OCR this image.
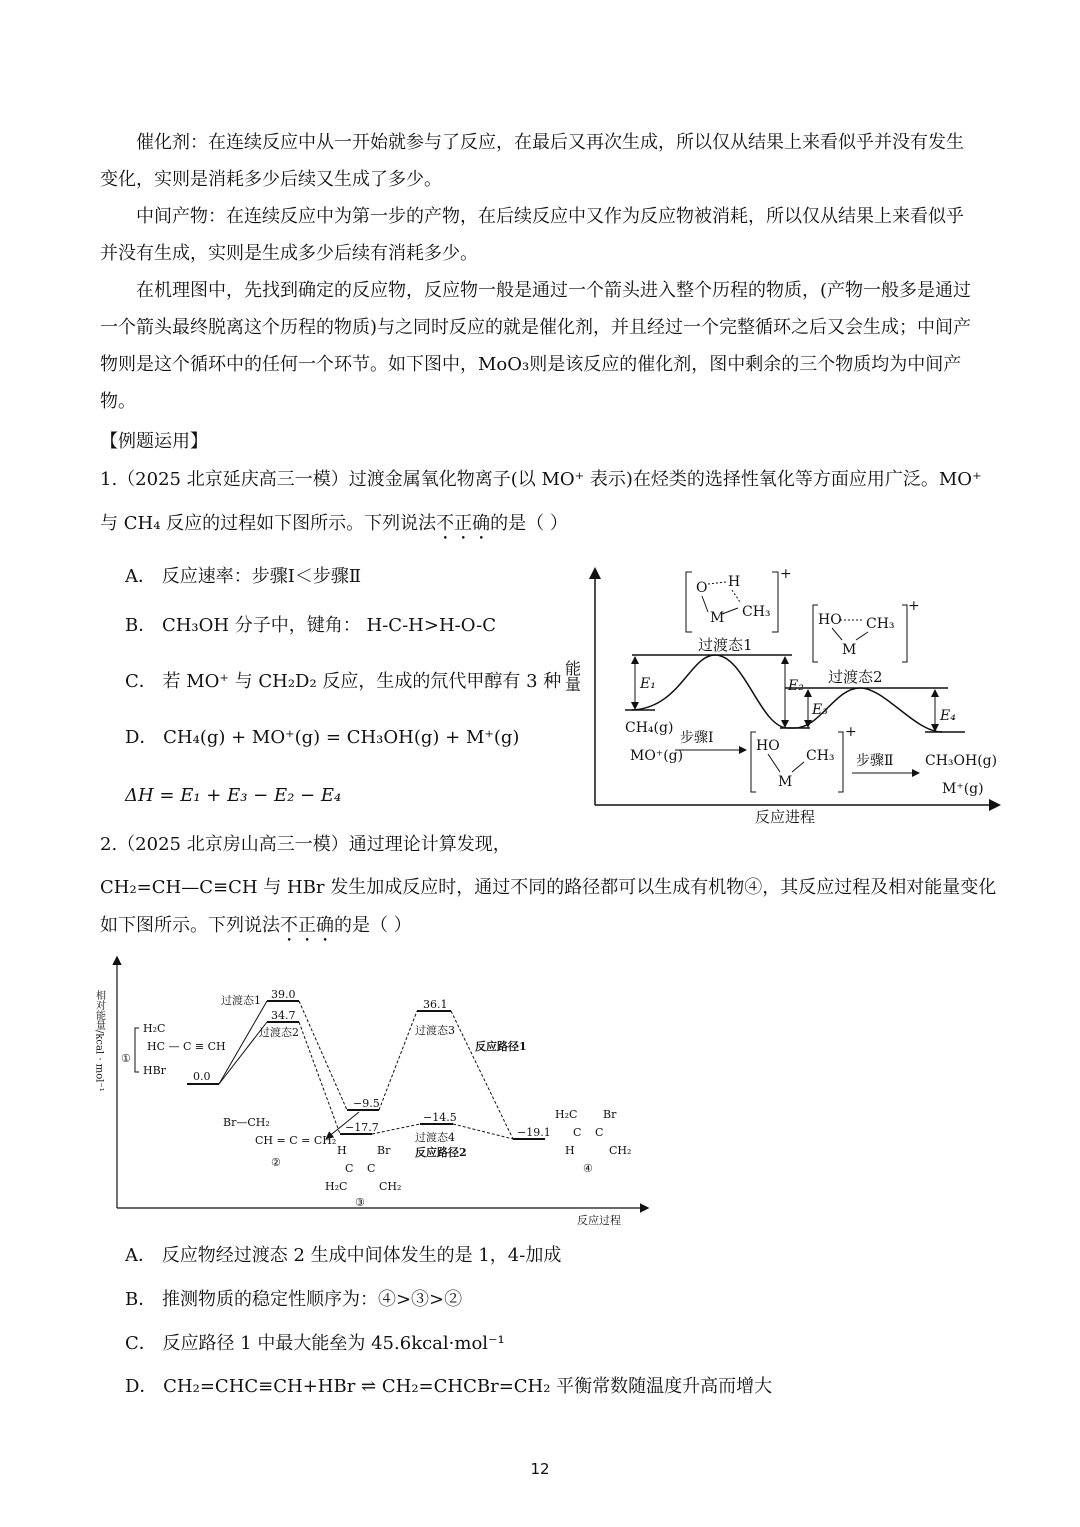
催化剂：在连续反应中从一开始就参与了反应，在最后又再次生成，所以仅从结果上来看似乎并没有发生变化，实则是消耗多少后续又生成了多少。
中间产物：在连续反应中为第一步的产物，在后续反应中又作为反应物被消耗，所以仅从结果上来看似乎并没有生成，实则是生成多少后续有消耗多少。
在机理图中，先找到确定的反应物，反应物一般是通过一个箭头进入整个历程的物质，(产物一般多是通过一个箭头最终脱离这个历程的物质)与之同时反应的就是催化剂，并且经过一个完整循环之后又会生成；中间产物则是这个循环中的任何一个环节。如下图中，MoO₃则是该反应的催化剂，图中剩余的三个物质均为中间产物。
【例题运用】
1.（2025 北京延庆高三一模）过渡金属氧化物离子(以 MO⁺ 表示)在烃类的选择性氧化等方面应用广泛。MO⁺
与 CH₄ 反应的过程如下图所示。下列说法不正确的是（ ）
A． 反应速率：步骤Ⅰ＜步骤Ⅱ
B． CH₃OH 分子中，键角： H-C-H>H-O-C
C． 若 MO⁺ 与 CH₂D₂ 反应，生成的氘代甲醇有 3 种
D． CH₄(g) + MO⁺(g) = CH₃OH(g) + M⁺(g)
ΔH = E₁ + E₃ − E₂ − E₄
能量
反应进程
E₁	E₂
E₃	E₄
过渡态1
过渡态2
CH₄(g)
MO⁺(g)	CH₃OH(g)
M⁺(g)
步骤Ⅰ
步骤Ⅱ
O H
M CH₃
+
HO CH₃
M
+
HO
M
CH₃
+
2.（2025 北京房山高三一模）通过理论计算发现，
CH₂=CH—C≡CH 与 HBr 发生加成反应时，通过不同的路径都可以生成有机物④，其反应过程及相对能量变化
如下图所示。下列说法不正确的是（ ）
相对能量/kcal · mol⁻¹
反应过程
0.0
39.0
34.7
−9.5
−17.7
36.1
−14.5
−19.1
过渡态1
过渡态2	过渡态3
过渡态4
反应路径1
反应路径2
①
H₂C
HC — C ≡ CH
HBr
Br—CH₂
CH = C = CH₂
②
H
C C
Br
H₂C	CH₂
③
H₂C Br
C C
H	CH₂
④
A． 反应物经过渡态 2 生成中间体发生的是 1，4-加成
B． 推测物质的稳定性顺序为：④>③>②
C． 反应路径 1 中最大能垒为 45.6kcal·mol⁻¹
D． CH₂=CHC≡CH+HBr ⇌ CH₂=CHCBr=CH₂ 平衡常数随温度升高而增大
12
